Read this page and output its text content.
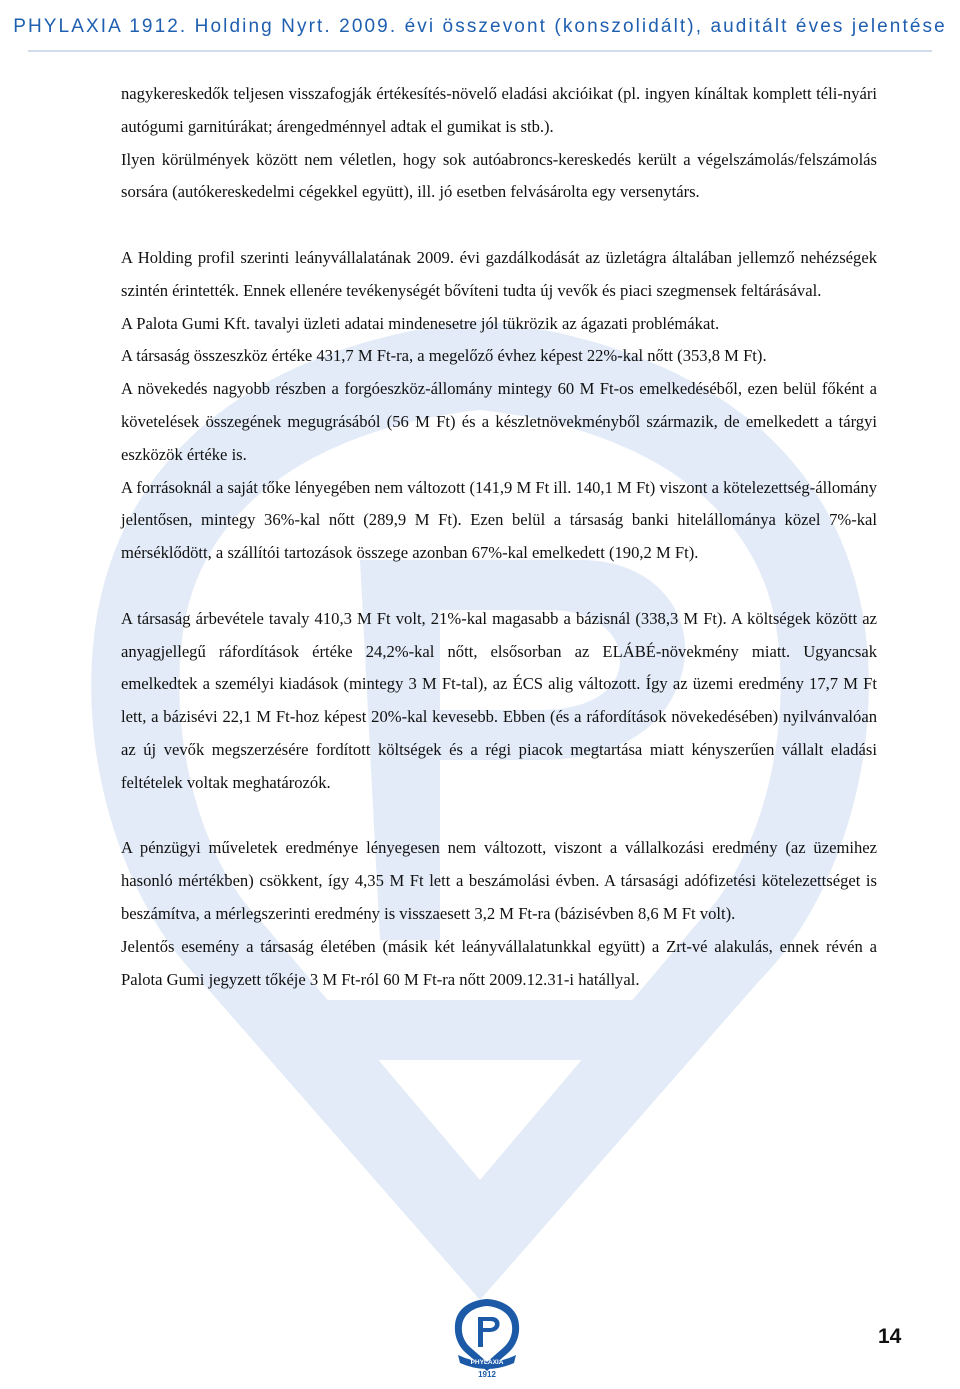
PHYLAXIA 1912. Holding Nyrt. 2009. évi összevont (konszolidált), auditált éves jelentése

nagykereskedők teljesen visszafogják értékesítés-növelő eladási akcióikat (pl. ingyen kínáltak komplett téli-nyári autógumi garnitúrákat; árengedménnyel adtak el gumikat is stb.).

Ilyen körülmények között nem véletlen, hogy sok autóabroncs-kereskedés került a végelszámolás/felszámolás sorsára (autókereskedelmi cégekkel együtt), ill. jó esetben felvásárolta egy versenytárs.

A Holding profil szerinti leányvállalatának 2009. évi gazdálkodását az üzletágra általában jellemző nehézségek szintén érintették. Ennek ellenére tevékenységét bővíteni tudta új vevők és piaci szegmensek feltárásával.

A Palota Gumi Kft. tavalyi üzleti adatai mindenesetre jól tükrözik az ágazati problémákat.

A társaság összeszköz értéke 431,7 M Ft-ra, a megelőző évhez képest 22%-kal nőtt (353,8 M Ft).

A növekedés nagyobb részben a forgóeszköz-állomány mintegy 60 M Ft-os emelkedéséből, ezen belül főként a követelések összegének megugrásából (56 M Ft) és a készletnövekményből származik, de emelkedett a tárgyi eszközök értéke is.

A forrásoknál a saját tőke lényegében nem változott (141,9 M Ft ill. 140,1 M Ft) viszont a kötelezettség-állomány jelentősen, mintegy 36%-kal nőtt (289,9 M Ft). Ezen belül a társaság banki hitelállománya közel 7%-kal mérséklődött, a szállítói tartozások összege azonban 67%-kal emelkedett (190,2 M Ft).

A társaság árbevétele tavaly 410,3 M Ft volt, 21%-kal magasabb a bázisnál (338,3 M Ft). A költségek között az anyagjellegű ráfordítások értéke 24,2%-kal nőtt, elsősorban az ELÁBÉ-növekmény miatt. Ugyancsak emelkedtek a személyi kiadások (mintegy 3 M Ft-tal), az ÉCS alig változott. Így az üzemi eredmény 17,7 M Ft lett, a bázisévi 22,1 M Ft-hoz képest 20%-kal kevesebb. Ebben (és a ráfordítások növekedésében) nyilvánvalóan az új vevők megszerzésére fordított költségek és a régi piacok megtartása miatt kényszerűen vállalt eladási feltételek voltak meghatározók.

A pénzügyi műveletek eredménye lényegesen nem változott, viszont a vállalkozási eredmény (az üzemihez hasonló mértékben) csökkent, így 4,35 M Ft lett a beszámolási évben. A társasági adófizetési kötelezettséget is beszámítva, a mérlegszerinti eredmény is visszaesett 3,2 M Ft-ra (bázisévben 8,6 M Ft volt).

Jelentős esemény a társaság életében (másik két leányvállalatunkkal együtt) a Zrt-vé alakulás, ennek révén a Palota Gumi jegyzett tőkéje 3 M Ft-ról 60 M Ft-ra nőtt 2009.12.31-i hatállyal.

PHYLAXIA
1912
14
